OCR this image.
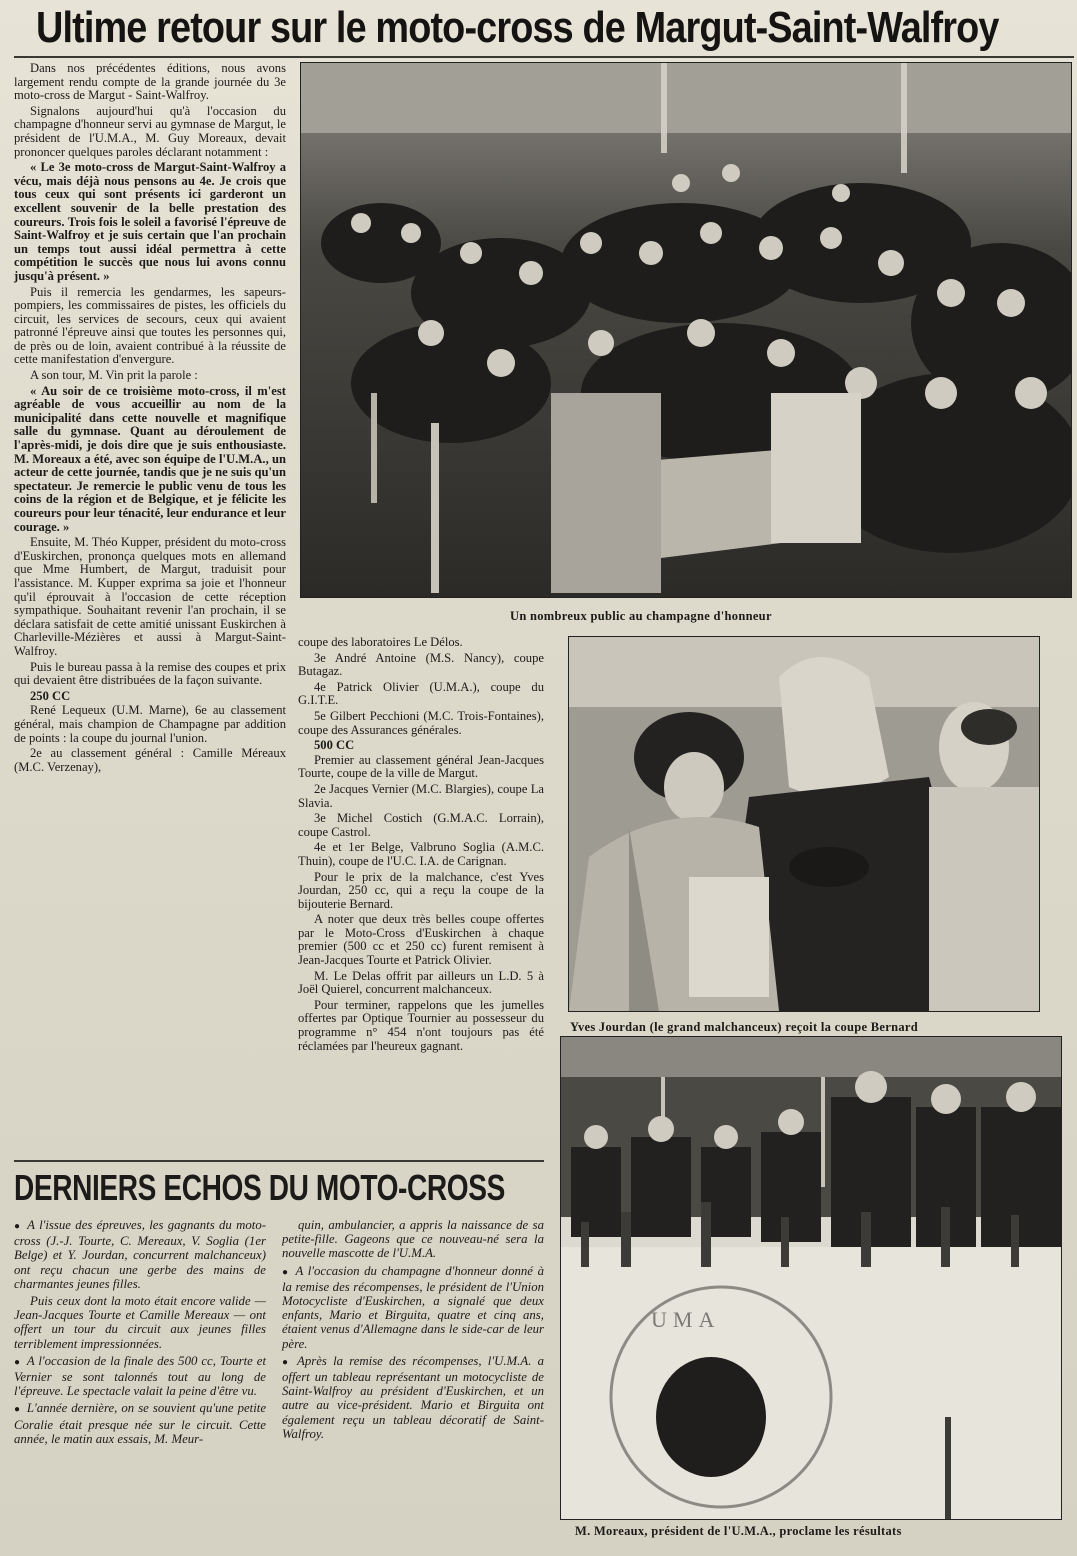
Ultime retour sur le moto-cross de Margut-Saint-Walfroy

Dans nos précédentes éditions, nous avons largement rendu compte de la grande journée du 3e moto-cross de Margut - Saint-Walfroy.

Signalons aujourd'hui qu'à l'occasion du champagne d'honneur servi au gymnase de Margut, le président de l'U.M.A., M. Guy Moreaux, devait prononcer quelques paroles déclarant notamment :

« Le 3e moto-cross de Margut-Saint-Walfroy a vécu, mais déjà nous pensons au 4e. Je crois que tous ceux qui sont présents ici garderont un excellent souvenir de la belle prestation des coureurs. Trois fois le soleil a favorisé l'épreuve de Saint-Walfroy et je suis certain que l'an prochain un temps tout aussi idéal permettra à cette compétition le succès que nous lui avons connu jusqu'à présent. »

Puis il remercia les gendarmes, les sapeurs-pompiers, les commissaires de pistes, les officiels du circuit, les services de secours, ceux qui avaient patronné l'épreuve ainsi que toutes les personnes qui, de près ou de loin, avaient contribué à la réussite de cette manifestation d'envergure.

A son tour, M. Vin prit la parole :

« Au soir de ce troisième moto-cross, il m'est agréable de vous accueillir au nom de la municipalité dans cette nouvelle et magnifique salle du gymnase. Quant au déroulement de l'après-midi, je dois dire que je suis enthousiaste. M. Moreaux a été, avec son équipe de l'U.M.A., un acteur de cette journée, tandis que je ne suis qu'un spectateur. Je remercie le public venu de tous les coins de la région et de Belgique, et je félicite les coureurs pour leur ténacité, leur endurance et leur courage. »

Ensuite, M. Théo Kupper, président du moto-cross d'Euskirchen, prononça quelques mots en allemand que Mme Humbert, de Margut, traduisit pour l'assistance. M. Kupper exprima sa joie et l'honneur qu'il éprouvait à l'occasion de cette réception sympathique. Souhaitant revenir l'an prochain, il se déclara satisfait de cette amitié unissant Euskirchen à Charleville-Mézières et aussi à Margut-Saint-Walfroy.

Puis le bureau passa à la remise des coupes et prix qui devaient être distribuées de la façon suivante.

250 CC

René Lequeux (U.M. Marne), 6e au classement général, mais champion de Champagne par addition de points : la coupe du journal l'union.

2e au classement général : Camille Méreaux (M.C. Verzenay),

coupe des laboratoires Le Délos.

3e André Antoine (M.S. Nancy), coupe Butagaz.

4e Patrick Olivier (U.M.A.), coupe du G.I.T.E.

5e Gilbert Pecchioni (M.C. Trois-Fontaines), coupe des Assurances générales.

500 CC

Premier au classement général Jean-Jacques Tourte, coupe de la ville de Margut.

2e Jacques Vernier (M.C. Blargies), coupe La Slavia.

3e Michel Costich (G.M.A.C. Lorrain), coupe Castrol.

4e et 1er Belge, Valbruno Soglia (A.M.C. Thuin), coupe de l'U.C. I.A. de Carignan.

Pour le prix de la malchance, c'est Yves Jourdan, 250 cc, qui a reçu la coupe de la bijouterie Bernard.

A noter que deux très belles coupe offertes par le Moto-Cross d'Euskirchen à chaque premier (500 cc et 250 cc) furent remisent à Jean-Jacques Tourte et Patrick Olivier.

M. Le Delas offrit par ailleurs un L.D. 5 à Joël Quierel, concurrent malchanceux.

Pour terminer, rappelons que les jumelles offertes par Optique Tournier au possesseur du programme n° 454 n'ont toujours pas été réclamées par l'heureux gagnant.

Un nombreux public au champagne d'honneur
Yves Jourdan (le grand malchanceux) reçoit la coupe Bernard
UMA
M. Moreaux, président de l'U.M.A., proclame les résultats
DERNIERS ECHOS DU MOTO-CROSS

● A l'issue des épreuves, les gagnants du moto-cross (J.-J. Tourte, C. Mereaux, V. Soglia (1er Belge) et Y. Jourdan, concurrent malchanceux) ont reçu chacun une gerbe des mains de charmantes jeunes filles.

Puis ceux dont la moto était encore valide — Jean-Jacques Tourte et Camille Mereaux — ont offert un tour du circuit aux jeunes filles terriblement impressionnées.

● A l'occasion de la finale des 500 cc, Tourte et Vernier se sont talonnés tout au long de l'épreuve. Le spectacle valait la peine d'être vu.

● L'année dernière, on se souvient qu'une petite Coralie était presque née sur le circuit. Cette année, le matin aux essais, M. Meur-

quin, ambulancier, a appris la naissance de sa petite-fille. Gageons que ce nouveau-né sera la nouvelle mascotte de l'U.M.A.

● A l'occasion du champagne d'honneur donné à la remise des récompenses, le président de l'Union Motocycliste d'Euskirchen, a signalé que deux enfants, Mario et Birguita, quatre et cinq ans, étaient venus d'Allemagne dans le side-car de leur père.

● Après la remise des récompenses, l'U.M.A. a offert un tableau représentant un motocycliste de Saint-Walfroy au président d'Euskirchen, et un autre au vice-président. Mario et Birguita ont également reçu un tableau décoratif de Saint-Walfroy.
